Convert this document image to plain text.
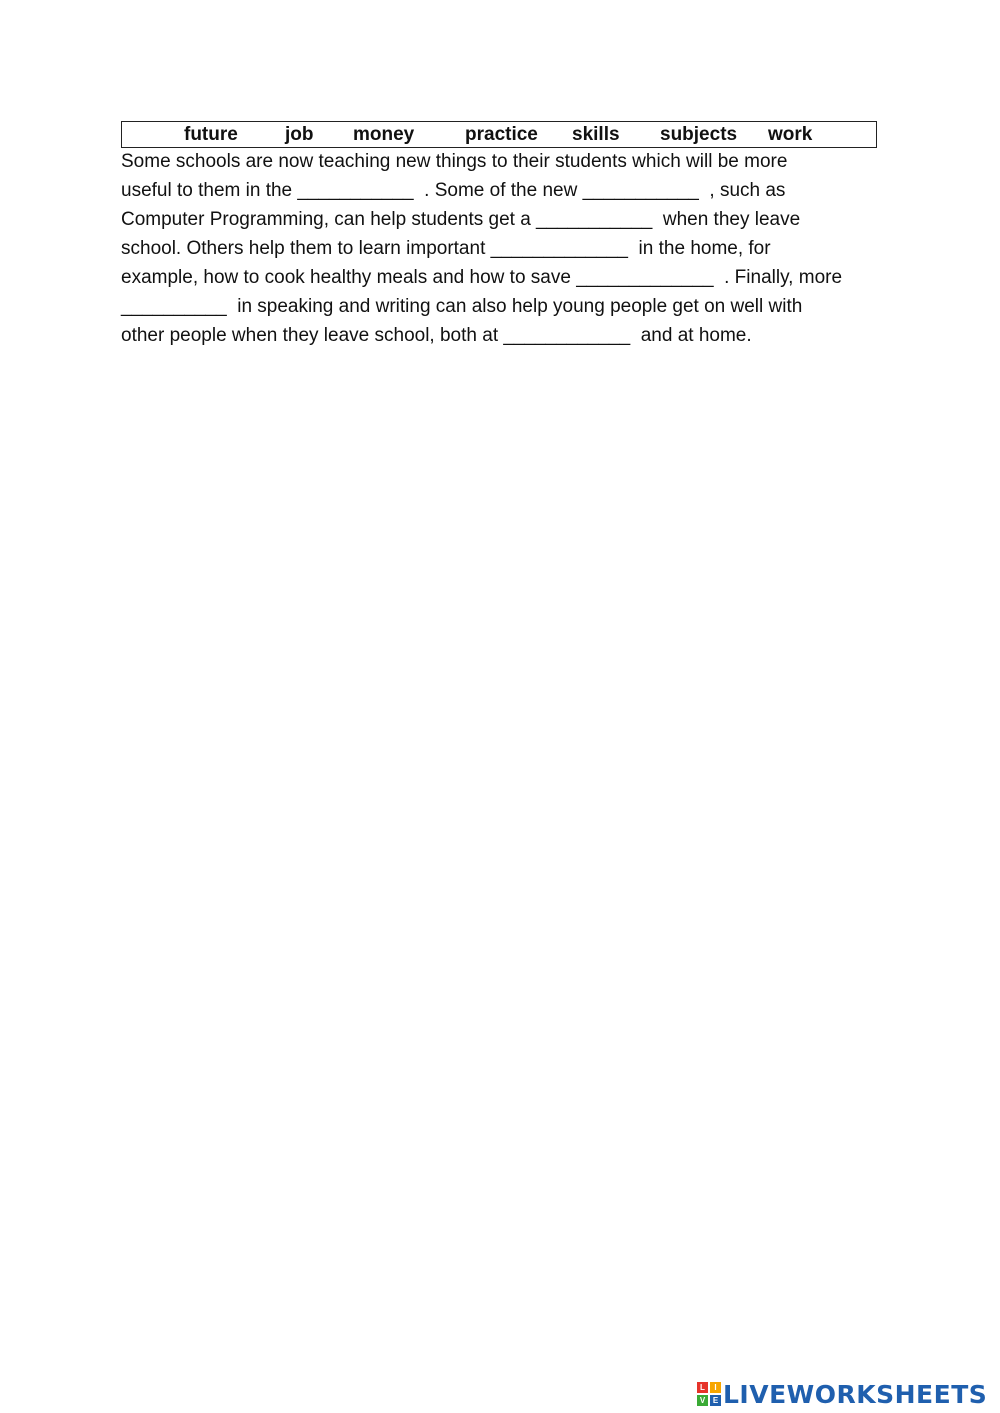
future job money	practice skills subjects work
Some schools are now teaching new things to their students which will be more
useful to them in the ___________  . Some of the new ___________  , such as
Computer Programming, can help students get a ___________  when they leave
school. Others help them to learn important _____________  in the home, for
example, how to cook healthy meals and how to save _____________  . Finally, more
__________  in speaking and writing can also help young people get on well with
other people when they leave school, both at ____________  and at home.
L	I
V E LIVEWORKSHEETS
